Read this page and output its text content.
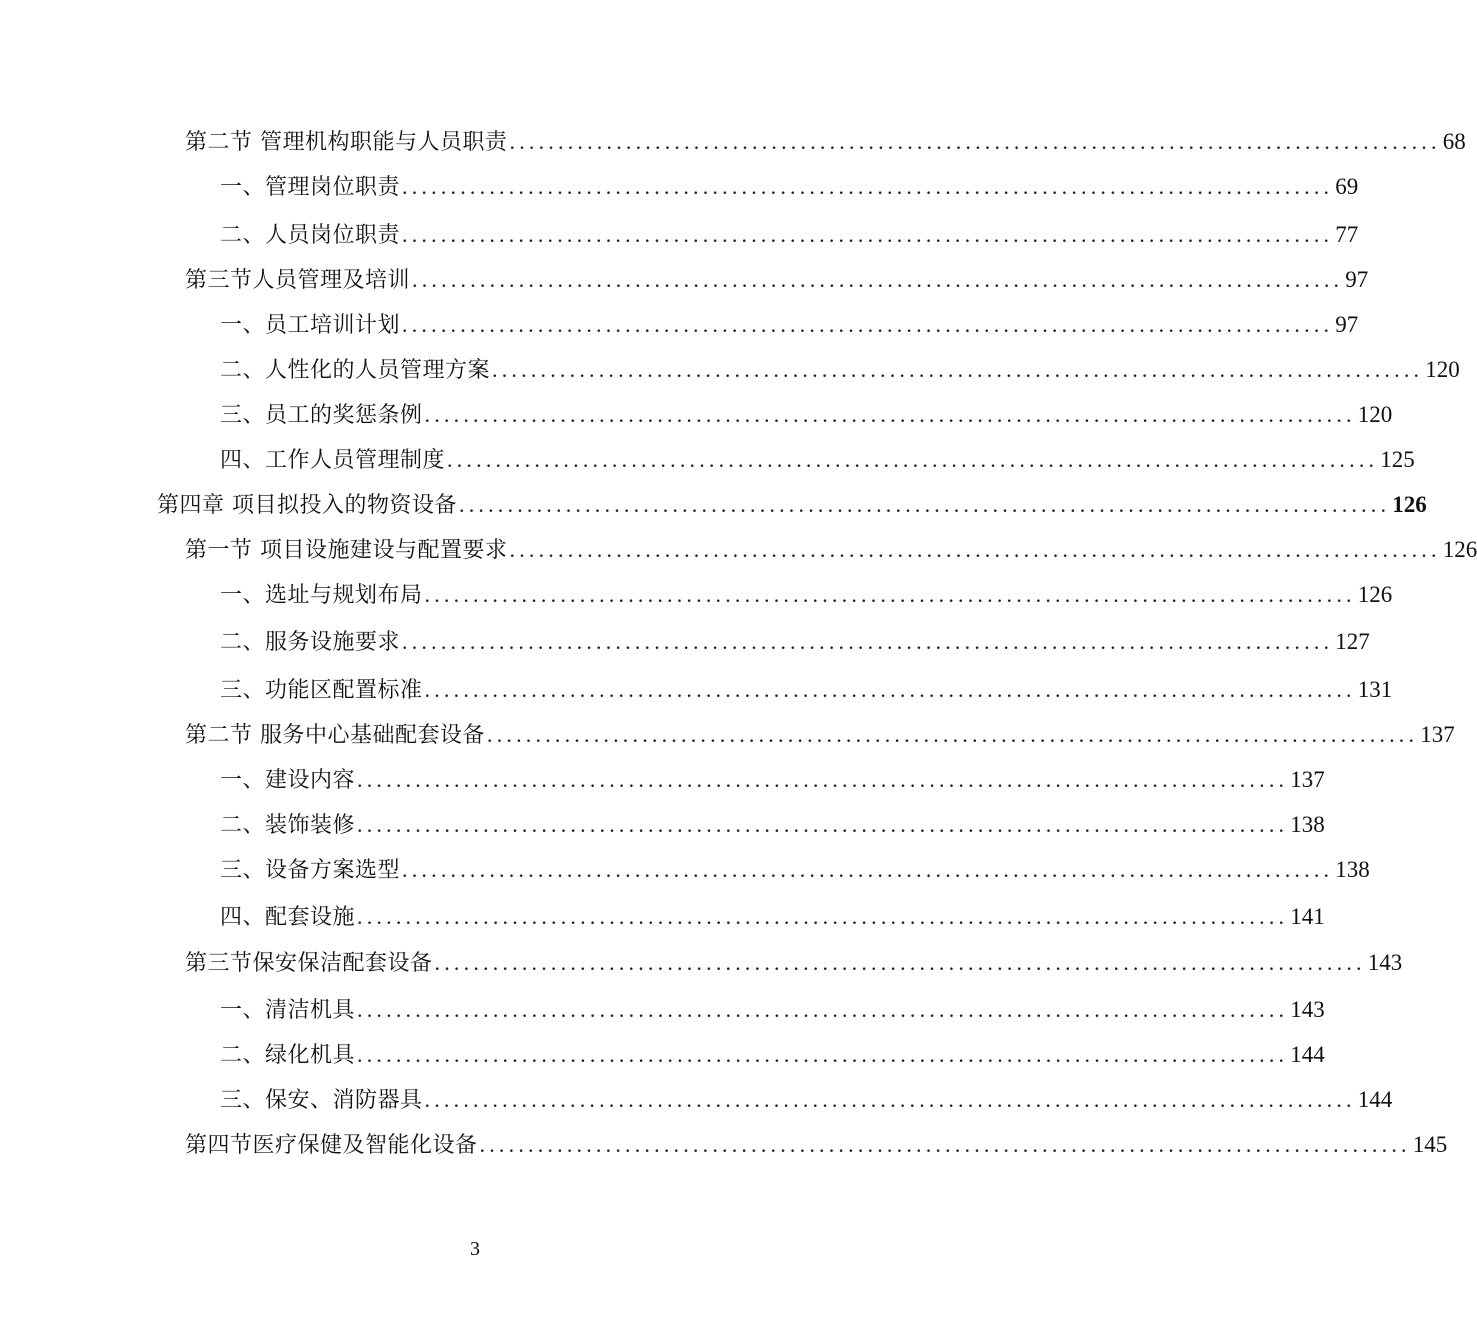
第二节 管理机构职能与人员职责 ................................................................................................ 68
一、管理岗位职责 ................................................................................................ 69
二、人员岗位职责 ................................................................................................ 77
第三节人员管理及培训 ................................................................................................ 97
一、员工培训计划 ................................................................................................ 97
二、人性化的人员管理方案 ................................................................................................ 120
三、员工的奖惩条例 ................................................................................................ 120
四、工作人员管理制度 ................................................................................................ 125
第四章 项目拟投入的物资设备 ................................................................................................ 126
第一节 项目设施建设与配置要求 ................................................................................................ 126
一、选址与规划布局 ................................................................................................ 126
二、服务设施要求 ................................................................................................ 127
三、功能区配置标准 ................................................................................................ 131
第二节 服务中心基础配套设备 ................................................................................................ 137
一、建设内容 ................................................................................................ 137
二、装饰装修 ................................................................................................ 138
三、设备方案选型 ................................................................................................ 138
四、配套设施 ................................................................................................ 141
第三节保安保洁配套设备 ................................................................................................ 143
一、清洁机具 ................................................................................................ 143
二、绿化机具 ................................................................................................ 144
三、保安、消防器具 ................................................................................................ 144
第四节医疗保健及智能化设备 ................................................................................................ 145
3
